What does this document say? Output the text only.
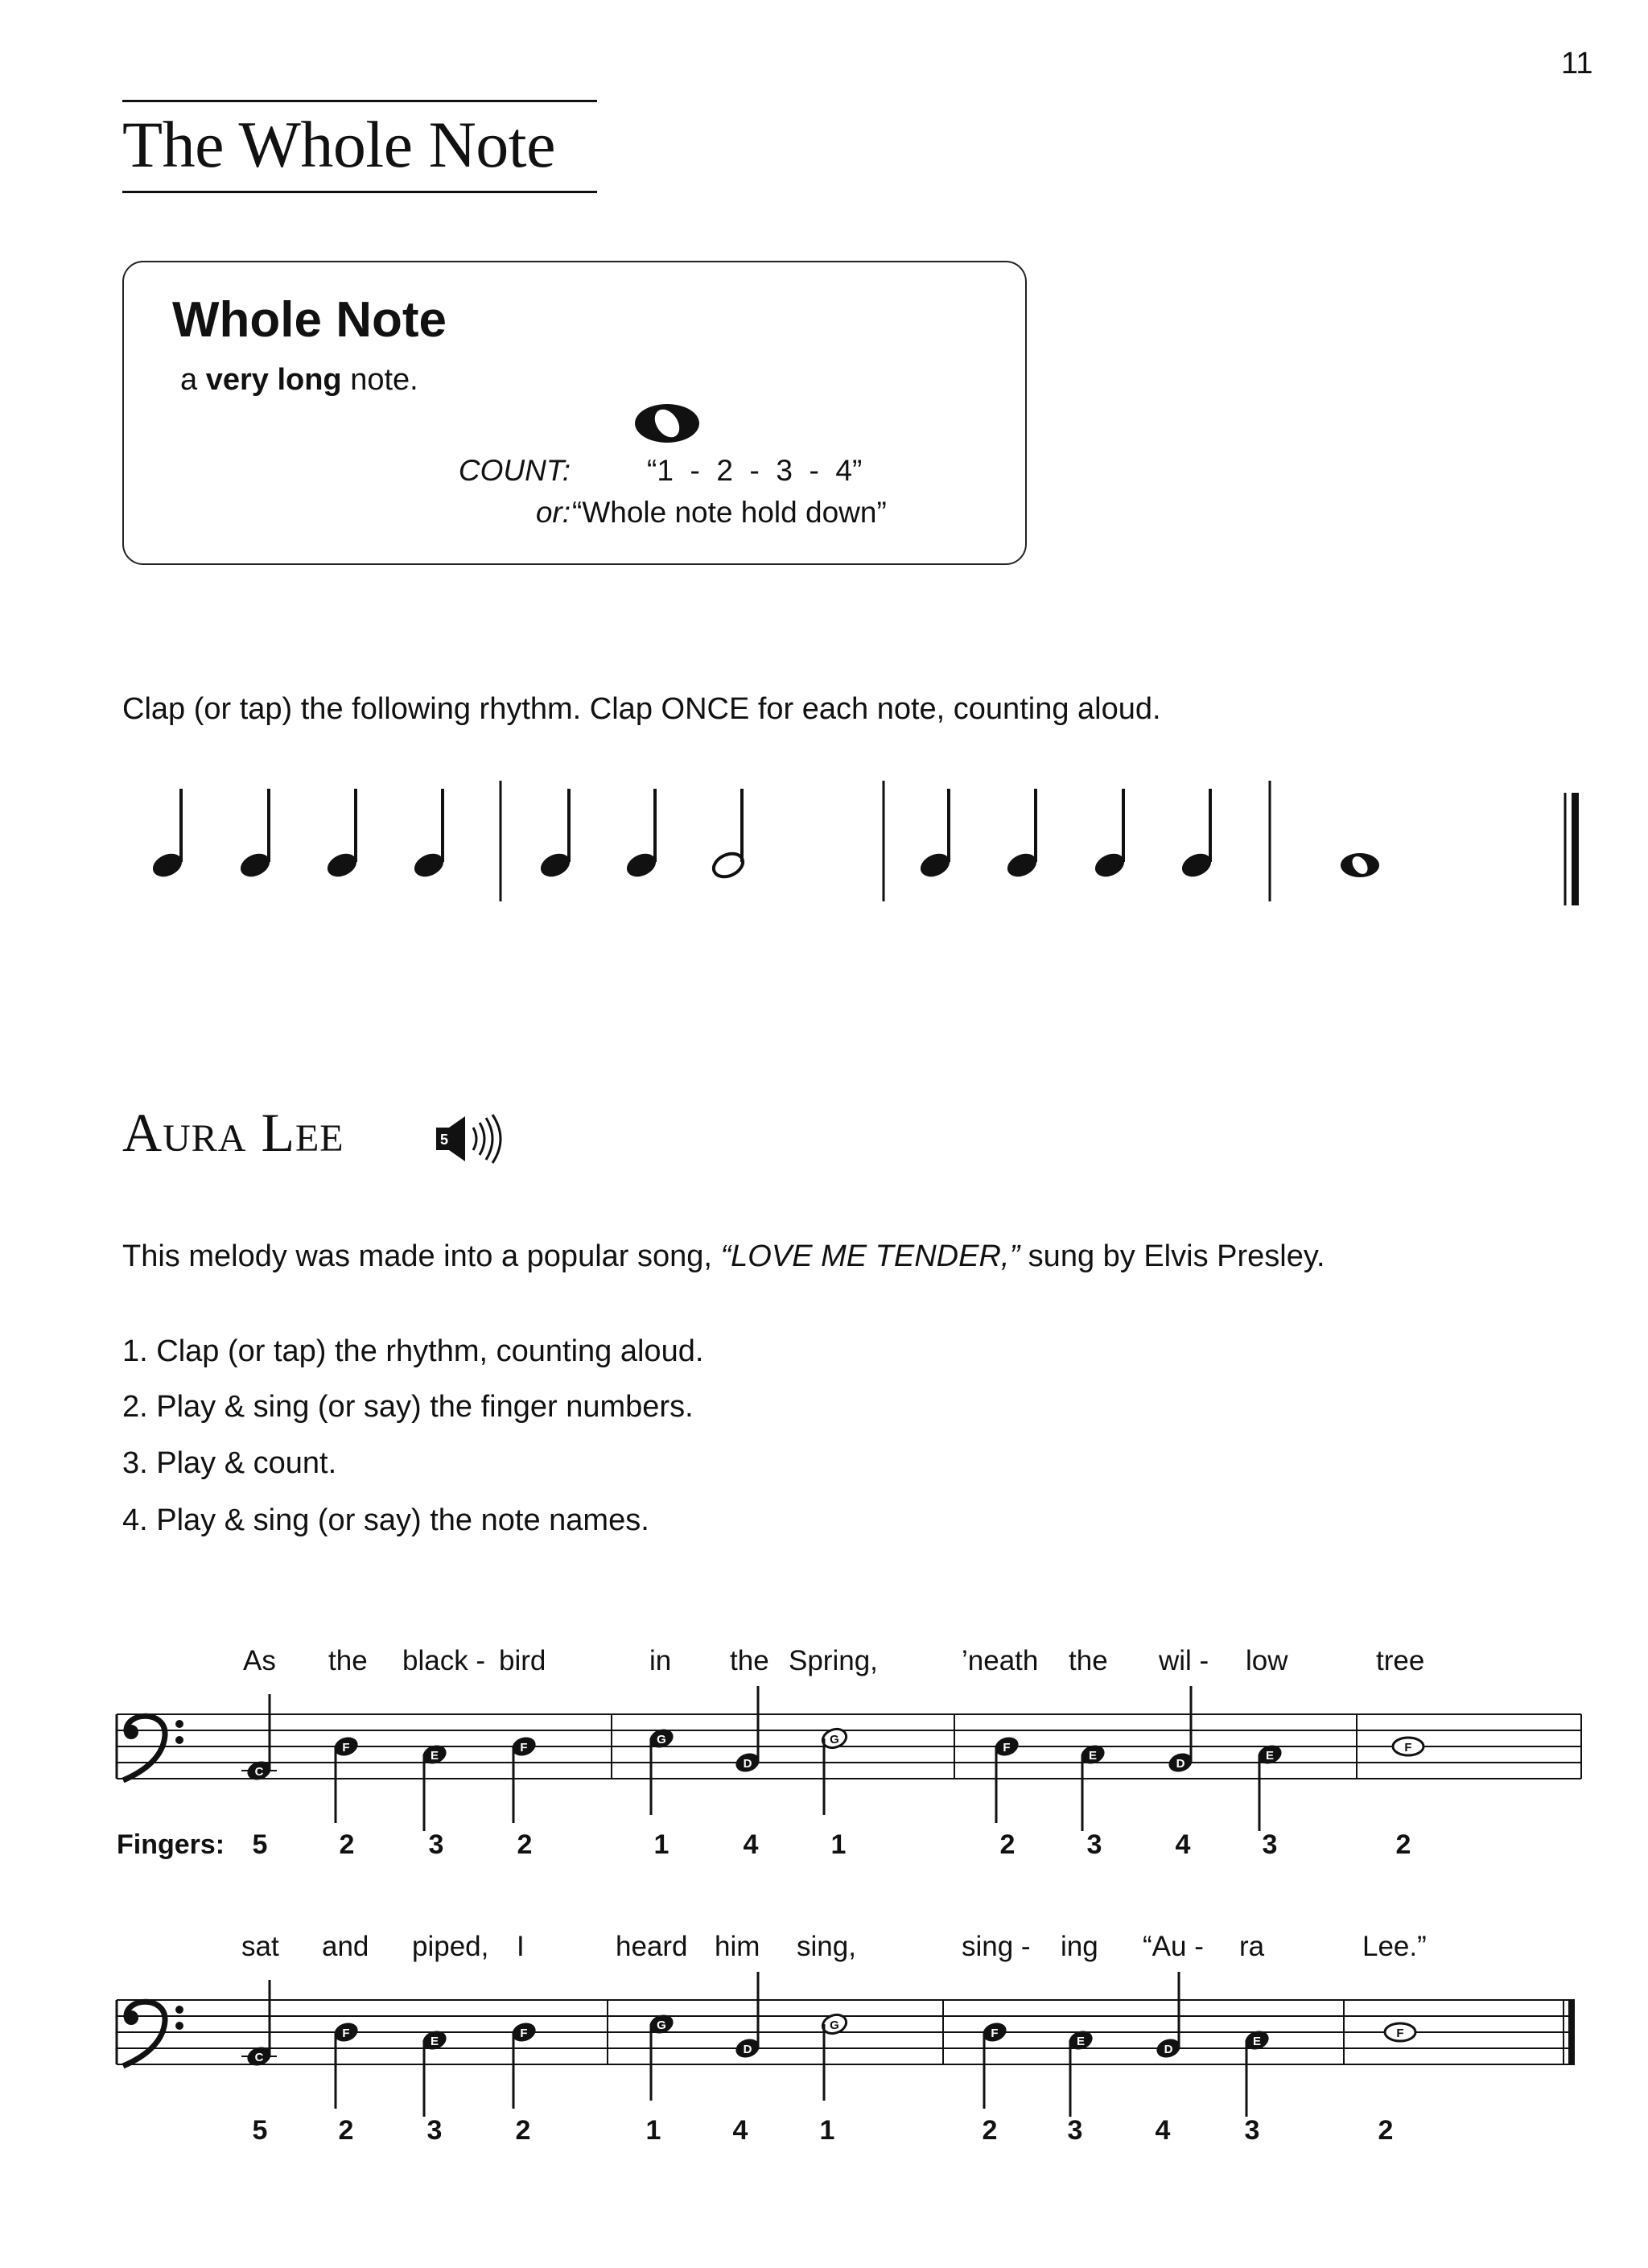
11
The Whole Note
Whole Note
a very long note.
COUNT:	“1  -  2  -  3  -  4”
or: “Whole note hold down”
Clap (or tap) the following rhythm. Clap ONCE for each note, counting aloud.
Aura Lee	5
This melody was made into a popular song, “LOVE ME TENDER,” sung by Elvis Presley.
1. Clap (or tap) the rhythm, counting aloud.
2. Play & sing (or say) the finger numbers.
3. Play & count.
4. Play & sing (or say) the note names.
C
F
E
F
G
D
G
F
E
D
E
F
As the black - bird	in the Spring,	’neath the wil - low	tree
Fingers: 5	2	3	2	1	4	1	2	3	4	3	2
C
F
E
F
G
D
G
F
E
D
E
F
sat and piped, I	heard him sing,	sing - ing “Au - ra	Lee.”
5	2	3	2	1	4	1	2	3	4	3	2
